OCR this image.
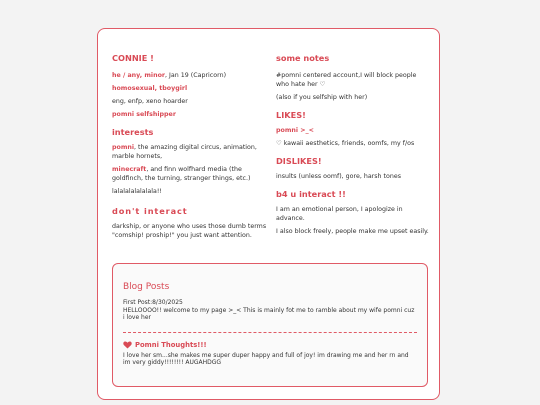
CONNIE !

he / any, minor, Jan 19 (Capricorn)

homosexual, tboygirl

eng, enfp, xeno hoarder

pomni selfshipper

interests

pomni, the amazing digital circus, animation, marble hornets,

minecraft, and finn wolfhard media (the goldfinch, the turning, stranger things, etc.)

lalalalalalalala!!

don't interact

darkship, or anyone who uses those dumb terms "comship! proship!" you just want attention.

some notes

#pomni centered account,I will block people who hate her ♡

(also if you selfship with her)

LIKES!

pomni >_<

♡ kawaii aesthetics, friends, oomfs, my f/os

DISLIKES!

insults (unless oomf), gore, harsh tones

b4 u interact !!

I am an emotional person, I apologize in advance.

I also block freely, people make me upset easily.

Blog Posts

First Post:8/30/2025

HELLOOOO!! welcome to my page >_< This is mainly fot me to ramble about my wife pomni cuz i love her

Pomni Thoughts!!!

I love her sm...she makes me super duper happy and full of joy! im drawing me and her rn and im very giddy!!!!!!!! AUGAHDGG
